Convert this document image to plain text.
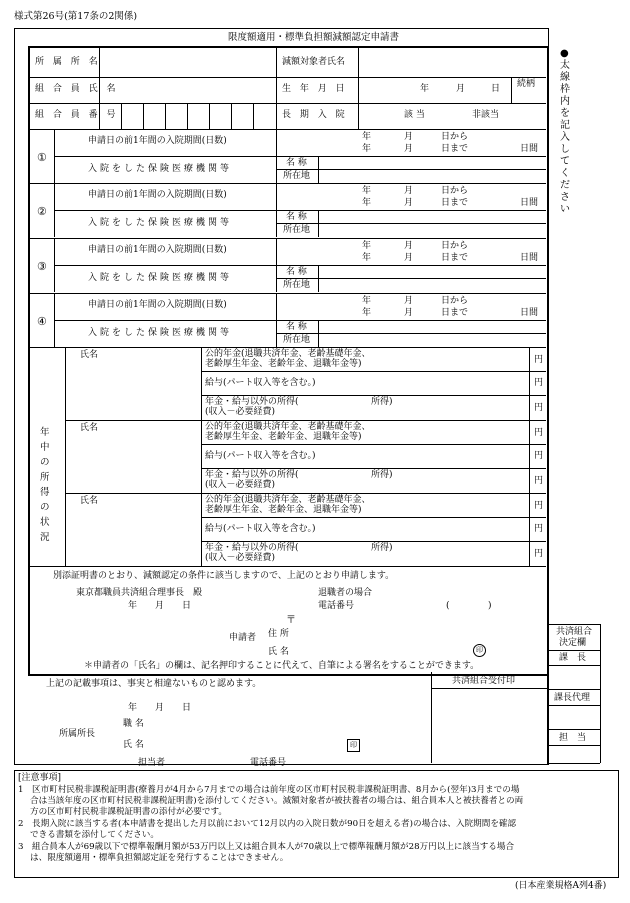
様式第26号(第17条の2関係)
限度額適用・標準負担額減額認定申請書
●太線枠内を記入してください
所 属 所 名	減額対象者氏名
組 合 員 氏 名	生 年 月 日	年	月	日 続柄
組 合 員 番 号	長 期 入 院	該 当	非該当
①
申請日の前1年間の入院期間(日数)	年	月	日から
年	月	日まで	日間
入院をした保険医療機関等
名 称
所在地
②
申請日の前1年間の入院期間(日数)	年	月	日から
年	月	日まで	日間
入院をした保険医療機関等
名 称
所在地
③
申請日の前1年間の入院期間(日数)	年	月	日から
年	月	日まで	日間
入院をした保険医療機関等
名 称
所在地
④
申請日の前1年間の入院期間(日数)	年	月	日から
年	月	日まで	日間
入院をした保険医療機関等
名 称
所在地
年中の所得の状況
氏名	公的年金(退職共済年金、老齢基礎年金、
老齢厚生年金、老齢年金、退職年金等)	円
給与(パート収入等を含む。)	円
年金・給与以外の所得(	所得)
(収入－必要経費)	円
氏名	公的年金(退職共済年金、老齢基礎年金、
老齢厚生年金、老齢年金、退職年金等)	円
給与(パート収入等を含む。)	円
年金・給与以外の所得(	所得)
(収入－必要経費)	円
氏名	公的年金(退職共済年金、老齢基礎年金、
老齢厚生年金、老齢年金、退職年金等)	円
給与(パート収入等を含む。)	円
年金・給与以外の所得(	所得)
(収入－必要経費)	円
別添証明書のとおり、減額認定の条件に該当しますので、上記のとおり申請します。
東京都職員共済組合理事長　殿
年　　月　　日
退職者の場合
電話番号	(	)
〒
申請者 住 所
氏 名	印
＊申請者の「氏名」の欄は、記名押印することに代えて、自筆による署名をすることができます。
共済組合
決定欄
課　長
課長代理
担　当
共済組合受付印
上記の記載事項は、事実と相違ないものと認めます。
年　　月　　日
職 名
所属所長
氏 名	印
担当者	電話番号
[注意事項]
1　区市町村民税非課税証明書(療養月が4月から7月までの場合は前年度の区市町村民税非課税証明書、8月から(翌年)3月までの場
合は当該年度の区市町村民税非課税証明書)を添付してください。減額対象者が被扶養者の場合は、組合員本人と被扶養者との両
方の区市町村民税非課税証明書の添付が必要です。
2　長期入院に該当する者(本申請書を提出した月以前において12月以内の入院日数が90日を超える者)の場合は、入院期間を確認
できる書類を添付してください。
3　組合員本人が69歳以下で標準報酬月額が53万円以上又は組合員本人が70歳以上で標準報酬月額が28万円以上に該当する場合
は、限度額適用・標準負担額認定証を発行することはできません。
(日本産業規格A列4番)
